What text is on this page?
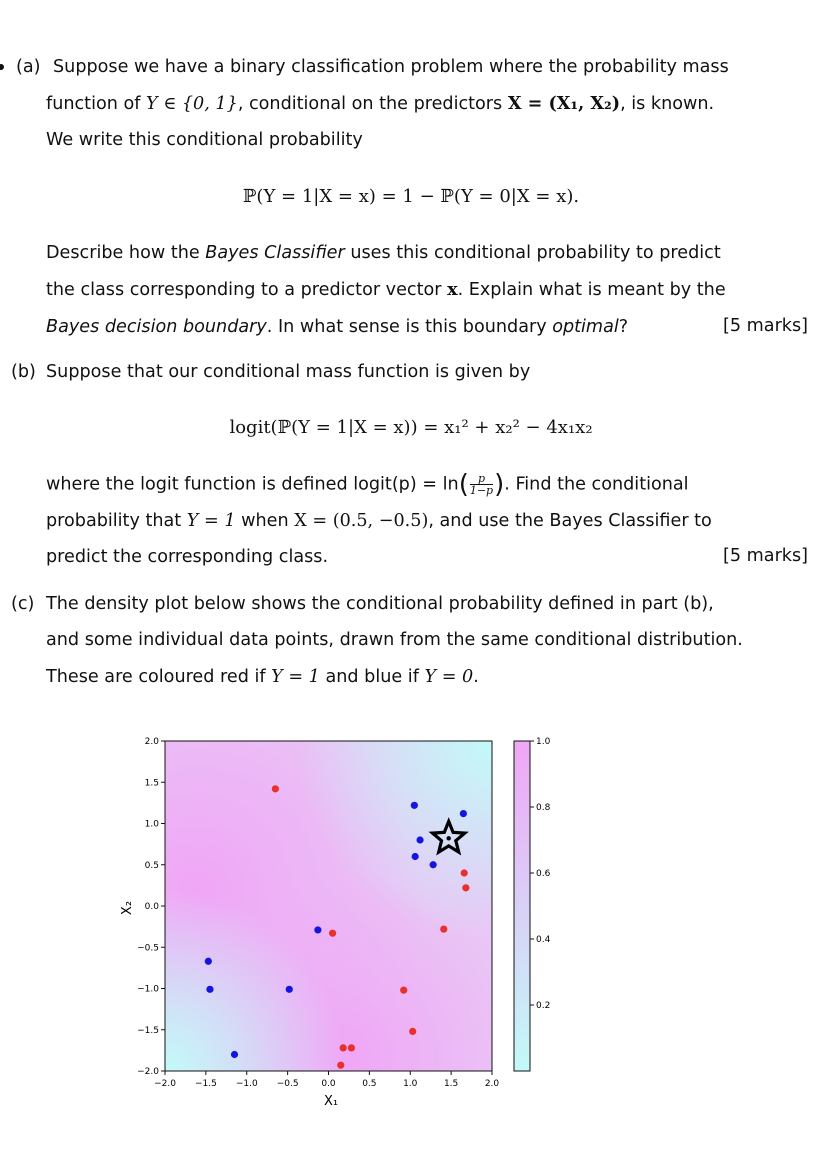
(a) Suppose we have a binary classification problem where the probability mass
function of Y ∈ {0, 1}, conditional on the predictors X = (X₁, X₂), is known.
We write this conditional probability
ℙ(Y = 1|X = x) = 1 − ℙ(Y = 0|X = x).
Describe how the Bayes Classifier uses this conditional probability to predict
the class corresponding to a predictor vector x. Explain what is meant by the
Bayes decision boundary. In what sense is this boundary optimal?	[5 marks]
(b) Suppose that our conditional mass function is given by
logit(ℙ(Y = 1|X = x)) = x₁² + x₂² − 4x₁x₂
where the logit function is defined logit(p) = $\ln( \frac{p}{1-p}$ ). Find the conditional
probability that Y = 1 when X = (0.5, −0.5), and use the Bayes Classifier to
predict the corresponding class.	[5 marks]
(c) The density plot below shows the conditional probability defined in part (b),
and some individual data points, drawn from the same conditional distribution.
These are coloured red if Y = 1 and blue if Y = 0.
−2.0 −1.5 −1.0 −0.5	0.0	0.5	1.0	1.5	2.0
2.0
1.5
1.0
0.5
0.0
−0.5
−1.0
−1.5
−2.0
X₁
X₂
1.0
0.8
0.6
0.4
0.2
